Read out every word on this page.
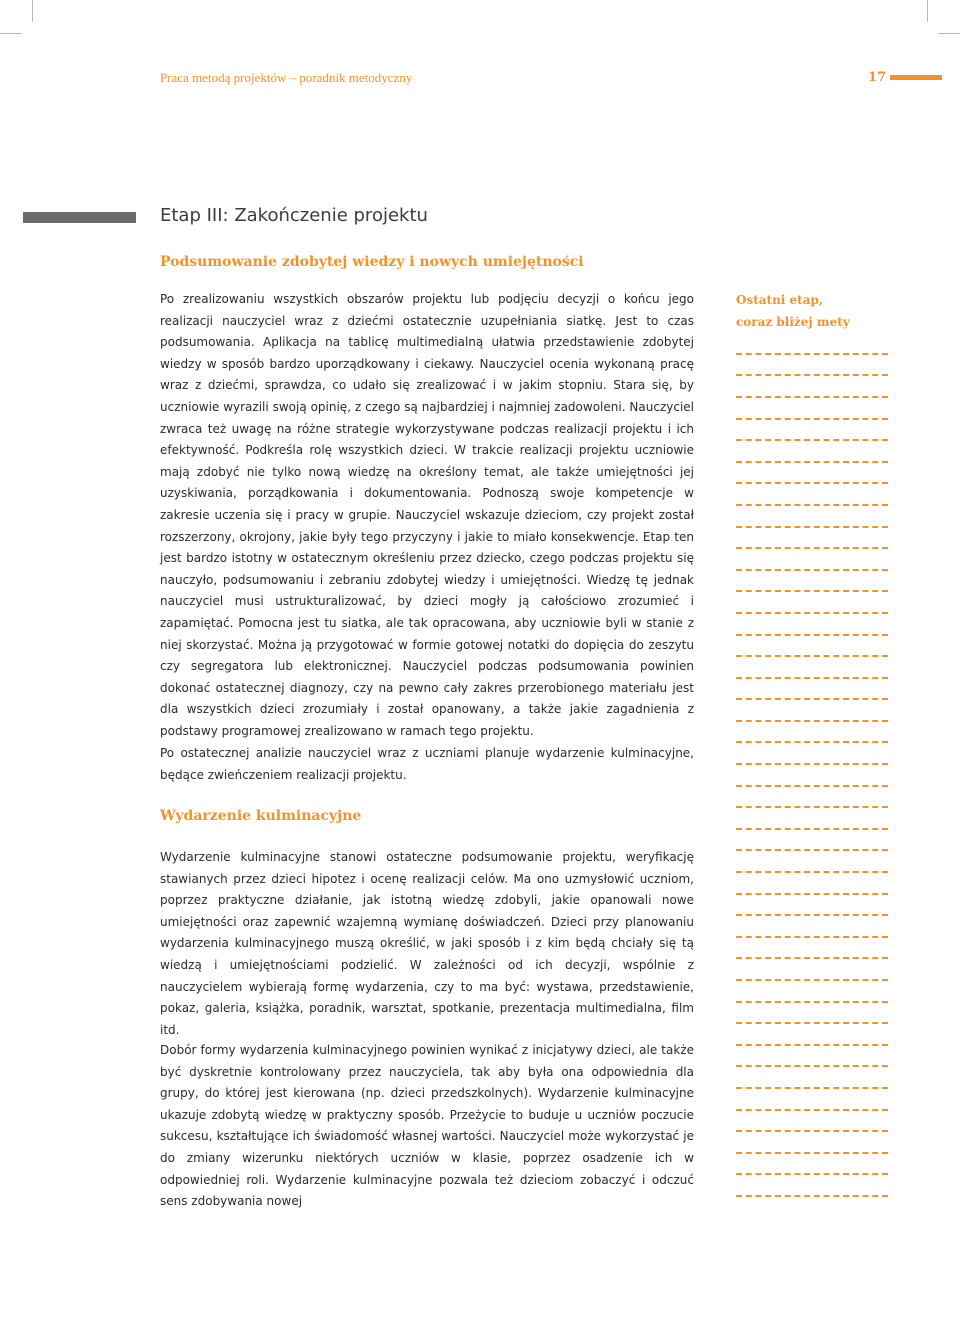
Praca metodą projektów – poradnik metodyczny	17
Etap III: Zakończenie projektu
Podsumowanie zdobytej wiedzy i nowych umiejętności

Po zrealizowaniu wszystkich obszarów projektu lub podjęciu decyzji o końcu jego realizacji nauczyciel wraz z dziećmi ostatecznie uzupełniania siatkę. Jest to czas podsumowania. Aplikacja na tablicę multimedialną ułatwia przedstawienie zdobytej wiedzy w sposób bardzo uporządkowany i ciekawy. Nauczyciel ocenia wykonaną pracę wraz z dziećmi, sprawdza, co udało się zrealizować i w jakim stopniu. Stara się, by uczniowie wyrazili swoją opinię, z czego są najbardziej i najmniej zadowoleni. Nauczyciel zwraca też uwagę na różne strategie wykorzystywane podczas realizacji projektu i ich efektywność. Podkreśla rolę wszystkich dzieci. W trakcie realizacji projektu uczniowie mają zdobyć nie tylko nową wiedzę na określony temat, ale także umiejętności jej uzyskiwania, porządkowania i dokumentowania. Podnoszą swoje kompetencje w zakresie uczenia się i pracy w grupie. Nauczyciel wskazuje dzieciom, czy projekt został rozszerzony, okrojony, jakie były tego przyczyny i jakie to miało konsekwencje. Etap ten jest bardzo istotny w ostatecznym określeniu przez dziecko, czego podczas projektu się nauczyło, podsumowaniu i zebraniu zdobytej wiedzy i umiejętności. Wiedzę tę jednak nauczyciel musi ustrukturalizować, by dzieci mogły ją całościowo zrozumieć i zapamiętać. Pomocna jest tu siatka, ale tak opracowana, aby uczniowie byli w stanie z niej skorzystać. Można ją przygotować w formie gotowej notatki do dopięcia do zeszytu czy segregatora lub elektronicznej. Nauczyciel podczas podsumowania powinien dokonać ostatecznej diagnozy, czy na pewno cały zakres przerobionego materiału jest dla wszystkich dzieci zrozumiały i został opanowany, a także jakie zagadnienia z podstawy programowej zrealizowano w ramach tego projektu.

Po ostatecznej analizie nauczyciel wraz z uczniami planuje wydarzenie kulminacyjne, będące zwieńczeniem realizacji projektu.

Wydarzenie kulminacyjne

Wydarzenie kulminacyjne stanowi ostateczne podsumowanie projektu, weryfikację stawianych przez dzieci hipotez i ocenę realizacji celów. Ma ono uzmysłowić uczniom, poprzez praktyczne działanie, jak istotną wiedzę zdobyli, jakie opanowali nowe umiejętności oraz zapewnić wzajemną wymianę doświadczeń. Dzieci przy planowaniu wydarzenia kulminacyjnego muszą określić, w jaki sposób i z kim będą chciały się tą wiedzą i umiejętnościami podzielić. W zależności od ich decyzji, wspólnie z nauczycielem wybierają formę wydarzenia, czy to ma być: wystawa, przedstawienie, pokaz, galeria, książka, poradnik, warsztat, spotkanie, prezentacja multimedialna, film itd.

Dobór formy wydarzenia kulminacyjnego powinien wynikać z inicjatywy dzieci, ale także być dyskretnie kontrolowany przez nauczyciela, tak aby była ona odpowiednia dla grupy, do której jest kierowana (np. dzieci przedszkolnych). Wydarzenie kulminacyjne ukazuje zdobytą wiedzę w praktyczny sposób. Przeżycie to buduje u uczniów poczucie sukcesu, kształtujące ich świadomość własnej wartości. Nauczyciel może wykorzystać je do zmiany wizerunku niektórych uczniów w klasie, poprzez osadzenie ich w odpowiedniej roli. Wydarzenie kulminacyjne pozwala też dzieciom zobaczyć i odczuć sens zdobywania nowej

Ostatni etap,
coraz bliżej mety
